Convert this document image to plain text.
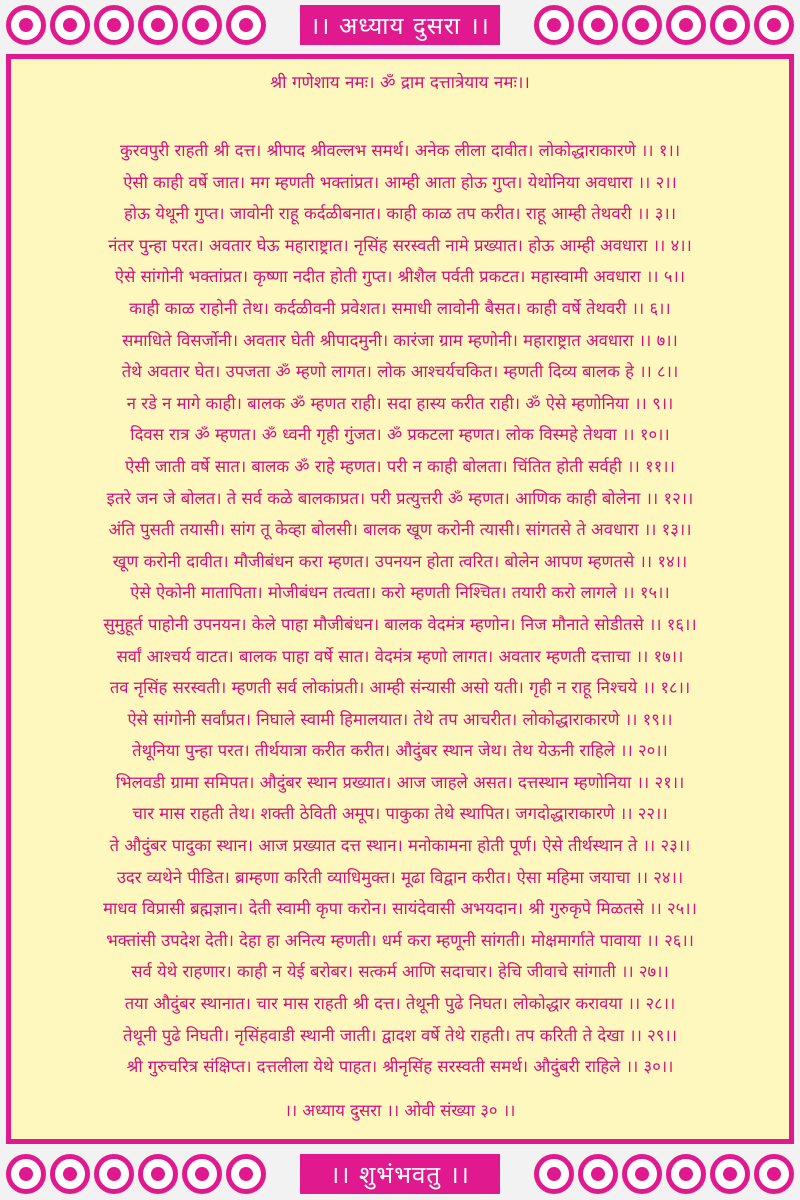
।। अध्याय दुसरा ।।
श्री गणेशाय नमः। ॐ द्राम दत्तात्रेयाय नमः।।
कुरवपुरी राहती श्री दत्त। श्रीपाद श्रीवल्लभ समर्थ। अनेक लीला दावीत। लोकोद्धाराकारणे ।। १।।
ऐसी काही वर्षे जात। मग म्हणती भक्तांप्रत। आम्ही आता होऊ गुप्त। येथोनिया अवधारा ।। २।।
होऊ येथूनी गुप्त। जावोनी राहू कर्दळीबनात। काही काळ तप करीत। राहू आम्ही तेथवरी ।। ३।।
नंतर पुन्हा परत। अवतार घेऊ महाराष्ट्रात। नृसिंह सरस्वती नामे प्रख्यात। होऊ आम्ही अवधारा ।। ४।।
ऐसे सांगोनी भक्तांप्रत। कृष्णा नदीत होती गुप्त। श्रीशैल पर्वती प्रकटत। महास्वामी अवधारा ।। ५।।
काही काळ राहोनी तेथ। कर्दळीवनी प्रवेशत। समाधी लावोनी बैसत। काही वर्षे तेथवरी ।। ६।।
समाधिते विसर्जोनी। अवतार घेती श्रीपादमुनी। कारंजा ग्राम म्हणोनी। महाराष्ट्रात अवधारा ।। ७।।
तेथे अवतार घेत। उपजता ॐ म्हणो लागत। लोक आश्चर्यचकित। म्हणती दिव्य बालक हे ।। ८।।
न रडे न मागे काही। बालक ॐ म्हणत राही। सदा हास्य करीत राही। ॐ ऐसे म्हणोनिया ।। ९।।
दिवस रात्र ॐ म्हणत। ॐ ध्वनी गृही गुंजत। ॐ प्रकटला म्हणत। लोक विस्महे तेथवा ।। १०।।
ऐसी जाती वर्षे सात। बालक ॐ राहे म्हणत। परी न काही बोलता। चिंतित होती सर्वही ।। ११।।
इतरे जन जे बोलत। ते सर्व कळे बालकाप्रत। परी प्रत्युत्तरी ॐ म्हणत। आणिक काही बोलेना ।। १२।।
अंति पुसती तयासी। सांग तू केव्हा बोलसी। बालक खूण करोनी त्यासी। सांगतसे ते अवधारा ।। १३।।
खूण करोनी दावीत। मौजीबंधन करा म्हणत। उपनयन होता त्वरित। बोलेन आपण म्हणतसे ।। १४।।
ऐसे ऐकोनी मातापिता। मोजीबंधन तत्वता। करो म्हणती निश्चित। तयारी करो लागले ।। १५।।
सुमुहूर्त पाहोनी उपनयन। केले पाहा मौजीबंधन। बालक वेदमंत्र म्हणोन। निज मौनाते सोडीतसे ।। १६।।
सर्वां आश्चर्य वाटत। बालक पाहा वर्षे सात। वेदमंत्र म्हणो लागत। अवतार म्हणती दत्ताचा ।। १७।।
तव नृसिंह सरस्वती। म्हणती सर्व लोकांप्रती। आम्ही संन्यासी असो यती। गृही न राहू निश्चये ।। १८।।
ऐसे सांगोनी सर्वांप्रत। निघाले स्वामी हिमालयात। तेथे तप आचरीत। लोकोद्धाराकारणे ।। १९।।
तेथूनिया पुन्हा परत। तीर्थयात्रा करीत करीत। औदुंबर स्थान जेथ। तेथ येऊनी राहिले ।। २०।।
भिलवडी ग्रामा समिपत। औदुंबर स्थान प्रख्यात। आज जाहले असत। दत्तस्थान म्हणोनिया ।। २१।।
चार मास राहती तेथ। शक्ती ठेविती अमूप। पाकुका तेथे स्थापित। जगदोद्धाराकारणे ।। २२।।
ते औदुंबर पादुका स्थान। आज प्रख्यात दत्त स्थान। मनोकामना होती पूर्ण। ऐसे तीर्थस्थान ते ।। २३।।
उदर व्यथेने पीडित। ब्राम्हणा करिती व्याधिमुक्त। मूढा विद्वान करीत। ऐसा महिमा जयाचा ।। २४।।
माधव विप्रासी ब्रह्मज्ञान। देती स्वामी कृपा करोन। सायंदेवासी अभयदान। श्री गुरुकृपे मिळतसे ।। २५।।
भक्तांसी उपदेश देती। देहा हा अनित्य म्हणती। धर्म करा म्हणूनी सांगती। मोक्षमार्गाते पावाया ।। २६।।
सर्व येथे राहणार। काही न येई बरोबर। सत्कर्म आणि सदाचार। हेचि जीवाचे सांगाती ।। २७।।
तया औदुंबर स्थानात। चार मास राहती श्री दत्त। तेथूनी पुढे निघत। लोकोद्धार करावया ।। २८।।
तेथूनी पुढे निघती। नृसिंहवाडी स्थानी जाती। द्वादश वर्षे तेथे राहती। तप करिती ते देखा ।। २९।।
श्री गुरुचरित्र संक्षिप्त। दत्तलीला येथे पाहत। श्रीनृसिंह सरस्वती समर्थ। औदुंबरी राहिले ।। ३०।।
।। अध्याय दुसरा ।। ओवी संख्या ३० ।।
।। शुभंभवतु ।।
